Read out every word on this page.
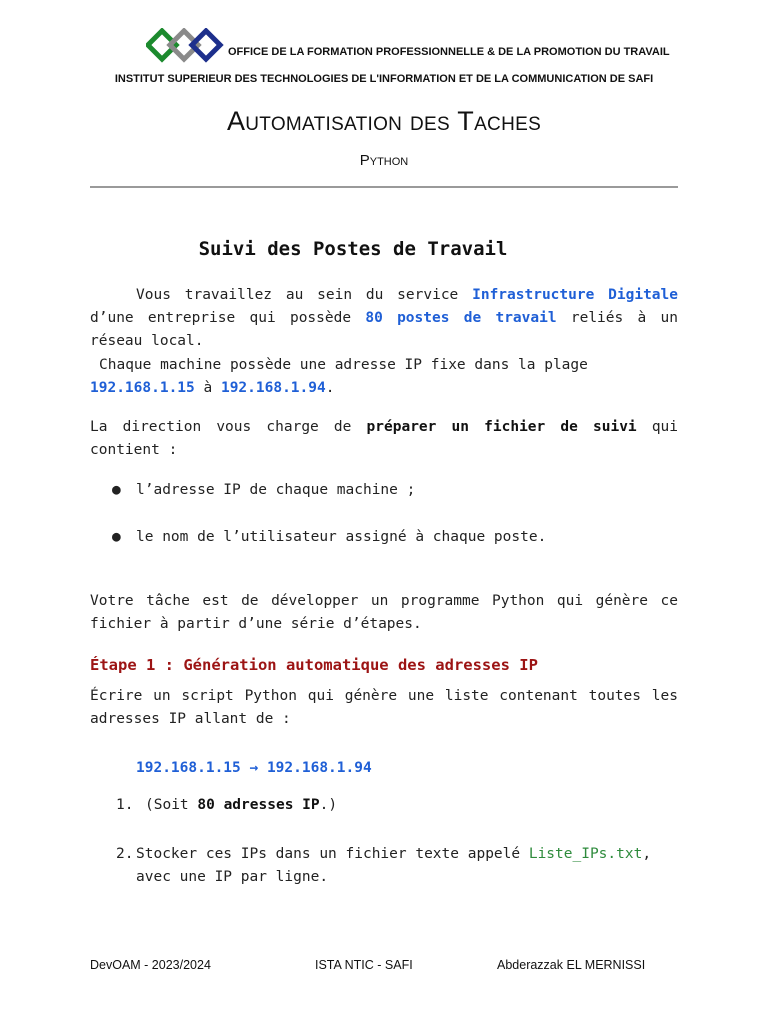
OFFICE DE LA FORMATION PROFESSIONNELLE & DE LA PROMOTION DU TRAVAIL
INSTITUT SUPERIEUR DES TECHNOLOGIES DE L'INFORMATION ET DE LA COMMUNICATION DE SAFI
Automatisation des Taches
Python
Suivi des Postes de Travail
Vous travaillez au sein du service Infrastructure Digitale d’une entreprise qui possède 80 postes de travail reliés à un réseau local.
Chaque machine possède une adresse IP fixe dans la plage
192.168.1.15 à 192.168.1.94.
La direction vous charge de préparer un fichier de suivi qui contient :
● l’adresse IP de chaque machine ;
● le nom de l’utilisateur assigné à chaque poste.
Votre tâche est de développer un programme Python qui génère ce fichier à partir d’une série d’étapes.
Étape 1 : Génération automatique des adresses IP
Écrire un script Python qui génère une liste contenant toutes les adresses IP allant de :
192.168.1.15 → 192.168.1.94
1. (Soit 80 adresses IP.)
2. Stocker ces IPs dans un fichier texte appelé Liste_IPs.txt,
avec une IP par ligne.
DevOAM - 2023/2024	ISTA NTIC - SAFI	Abderazzak EL MERNISSI
